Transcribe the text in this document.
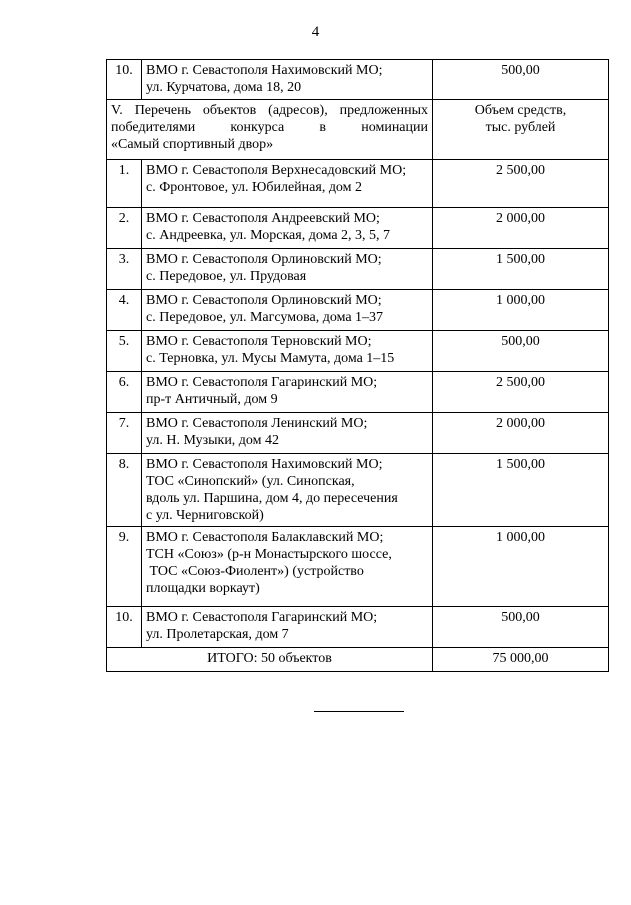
4
10.	ВМО г. Севастополя Нахимовский МО;
ул. Курчатова, дома 18, 20	500,00

V. Перечень объектов (адресов), предложенных
победителями конкурса в номинации
«Самый спортивный двор»		Объем средств,
тыс. рублей

1.	ВМО г. Севастополя Верхнесадовский МО;
с. Фронтовое, ул. Юбилейная, дом 2	2 500,00
2.	ВМО г. Севастополя Андреевский МО;
с. Андреевка, ул. Морская, дома 2, 3, 5, 7	2 000,00
3.	ВМО г. Севастополя Орлиновский МО;
с. Передовое, ул. Прудовая	1 500,00
4.	ВМО г. Севастополя Орлиновский МО;
с. Передовое, ул. Магсумова, дома 1–37	1 000,00
5.	ВМО г. Севастополя Терновский МО;
с. Терновка, ул. Мусы Мамута, дома 1–15	500,00
6.	ВМО г. Севастополя Гагаринский МО;
пр-т Античный, дом 9	2 500,00
7.	ВМО г. Севастополя Ленинский МО;
ул. Н. Музыки, дом 42	2 000,00
8.	ВМО г. Севастополя Нахимовский МО;
ТОС «Синопский» (ул. Синопская,
вдоль ул. Паршина, дом 4, до пересечения
с ул. Черниговской)	1 500,00
9.	ВМО г. Севастополя Балаклавский МО;
ТСН «Союз» (р-н Монастырского шоссе,
ТОС «Союз-Фиолент») (устройство
площадки воркаут)	1 000,00
10.	ВМО г. Севастополя Гагаринский МО;
ул. Пролетарская, дом 7	500,00
ИТОГО: 50 объектов		75 000,00
